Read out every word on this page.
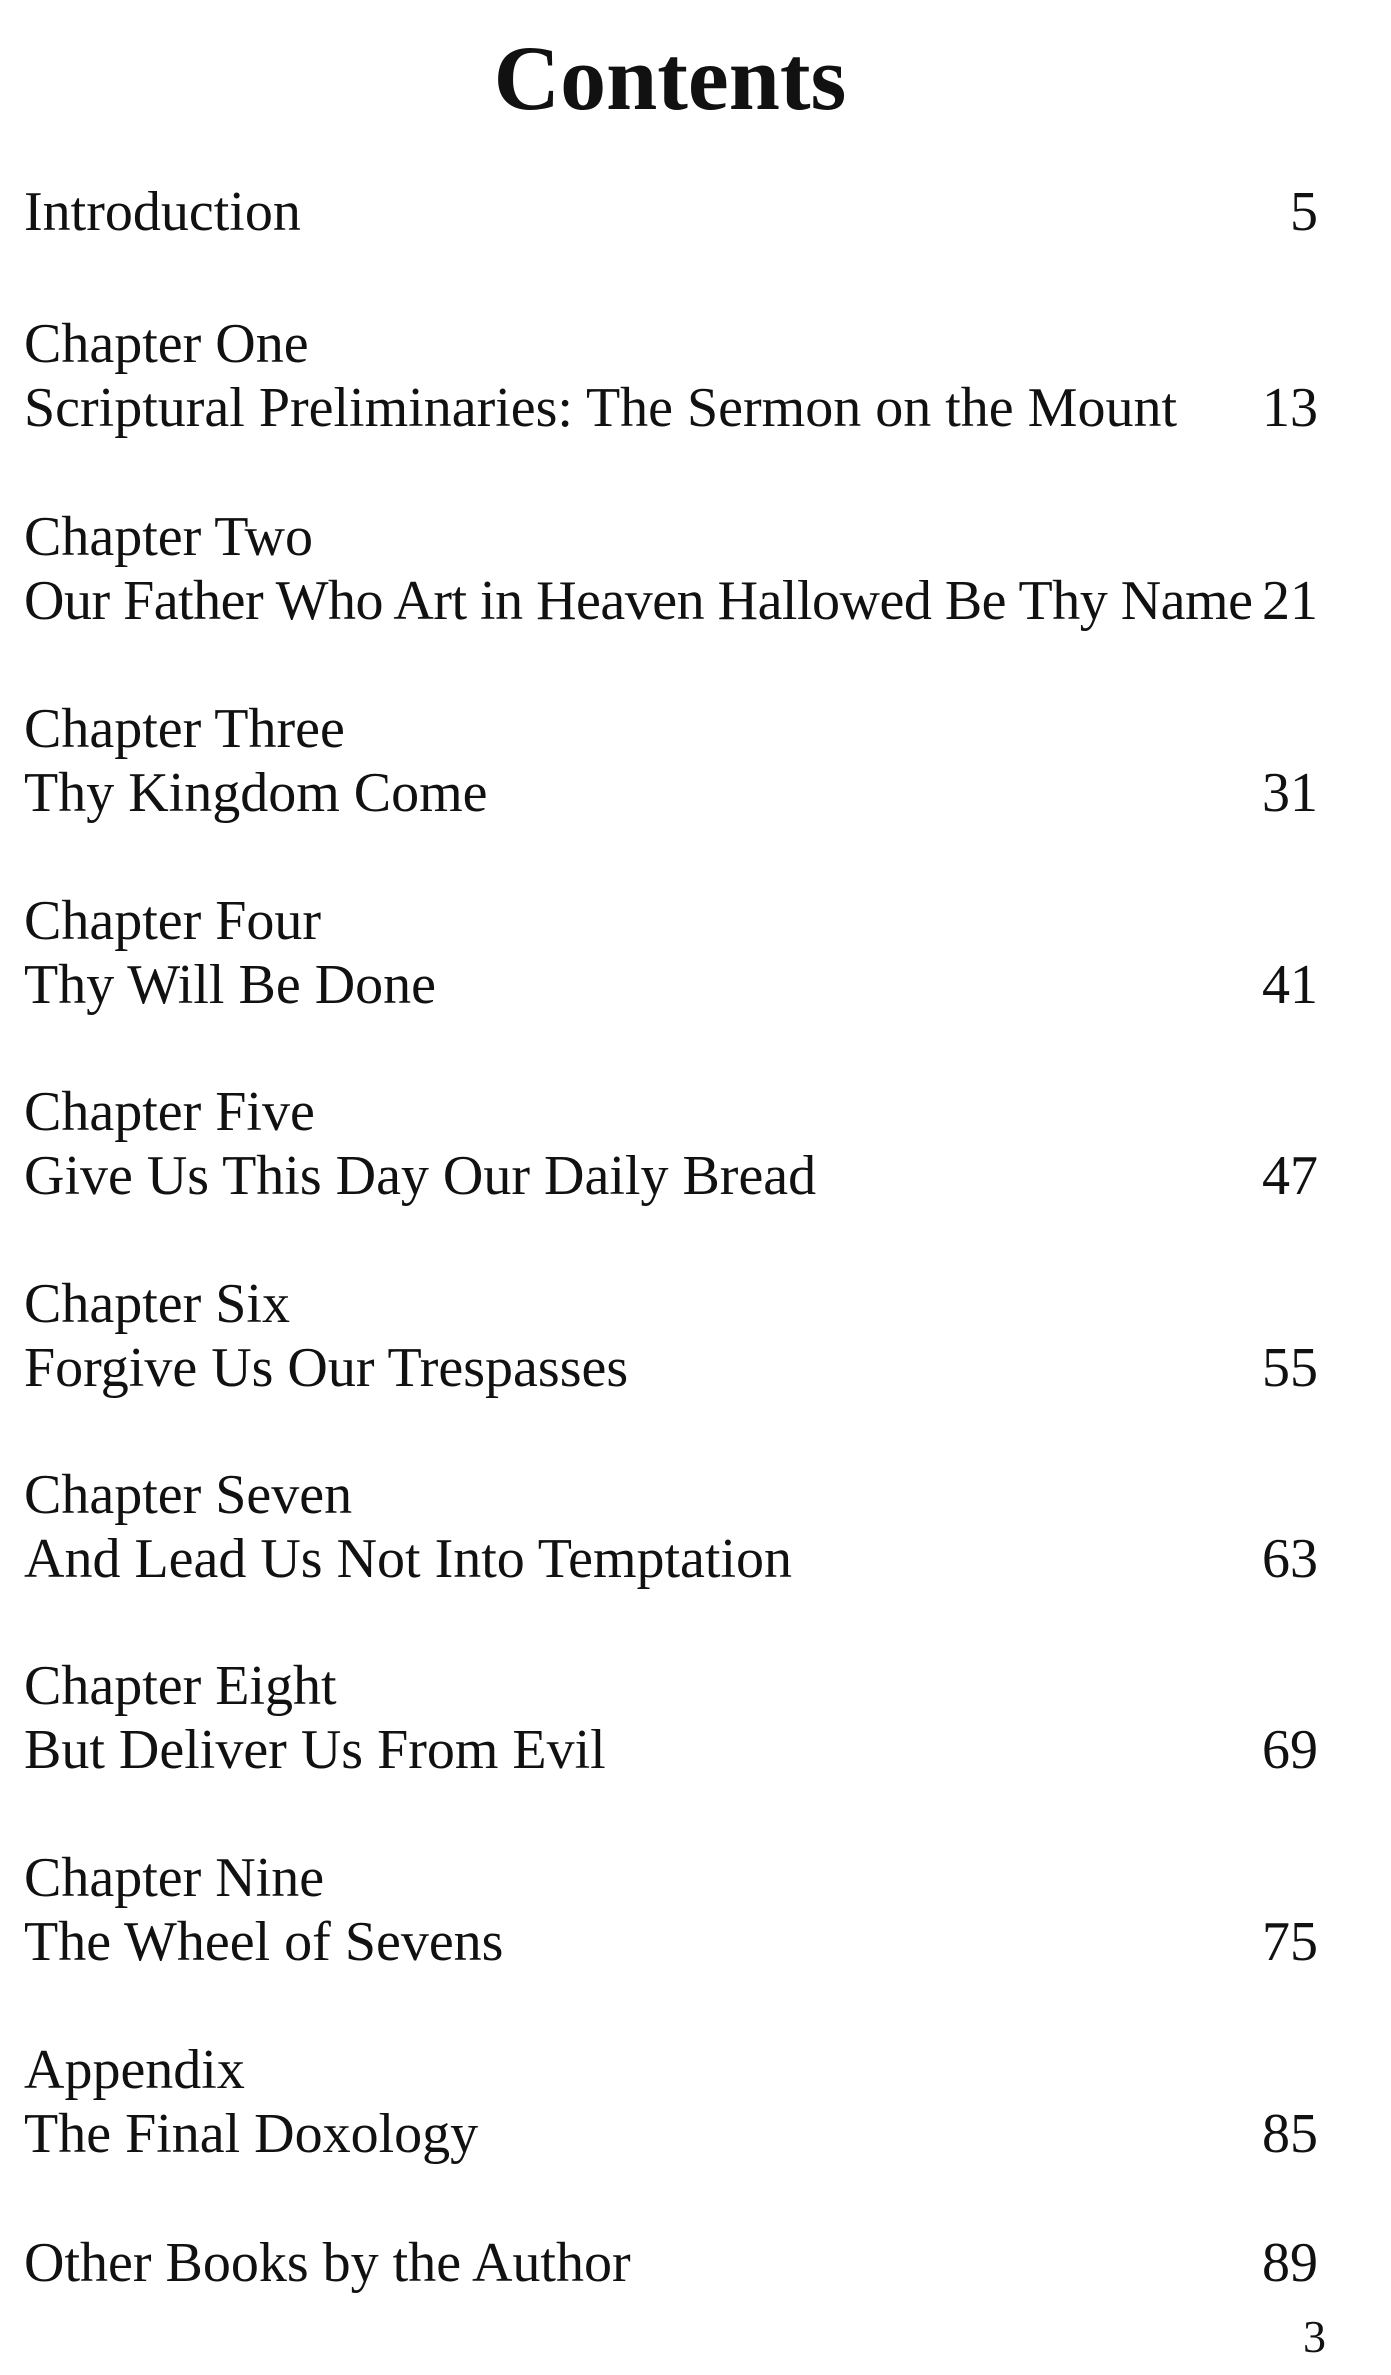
Contents
Introduction	5
Chapter One
Scriptural Preliminaries: The Sermon on the Mount 13
Chapter Two
Our Father Who Art in Heaven Hallowed Be Thy Name 21
Chapter Three
Thy Kingdom Come	31
Chapter Four
Thy Will Be Done	41
Chapter Five
Give Us This Day Our Daily Bread	47
Chapter Six
Forgive Us Our Trespasses	55
Chapter Seven
And Lead Us Not Into Temptation	63
Chapter Eight
But Deliver Us From Evil	69
Chapter Nine
The Wheel of Sevens	75
Appendix
The Final Doxology	85
Other Books by the Author	89
3
